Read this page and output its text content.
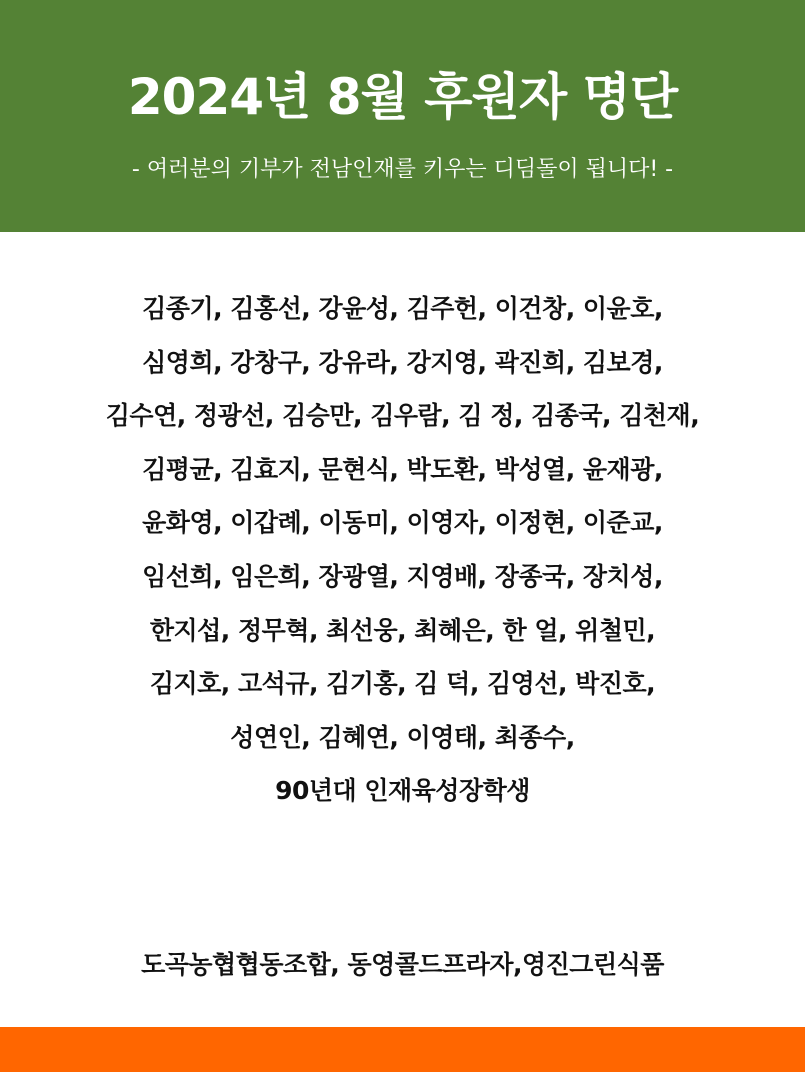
2024년 8월 후원자 명단
- 여러분의 기부가 전남인재를 키우는 디딤돌이 됩니다! -
김종기, 김홍선, 강윤성, 김주헌, 이건창, 이윤호,
심영희, 강창구, 강유라, 강지영, 곽진희, 김보경,
김수연, 정광선, 김승만, 김우람, 김 정, 김종국, 김천재,
김평균, 김효지, 문현식, 박도환, 박성열, 윤재광,
윤화영, 이갑례, 이동미, 이영자, 이정현, 이준교,
임선희, 임은희, 장광열, 지영배, 장종국, 장치성,
한지섭, 정무혁, 최선웅, 최혜은, 한 얼, 위철민,
김지호, 고석규, 김기홍, 김 덕, 김영선, 박진호,
성연인, 김혜연, 이영태, 최종수,
90년대 인재육성장학생
도곡농협협동조합, 동영콜드프라자,영진그린식품
